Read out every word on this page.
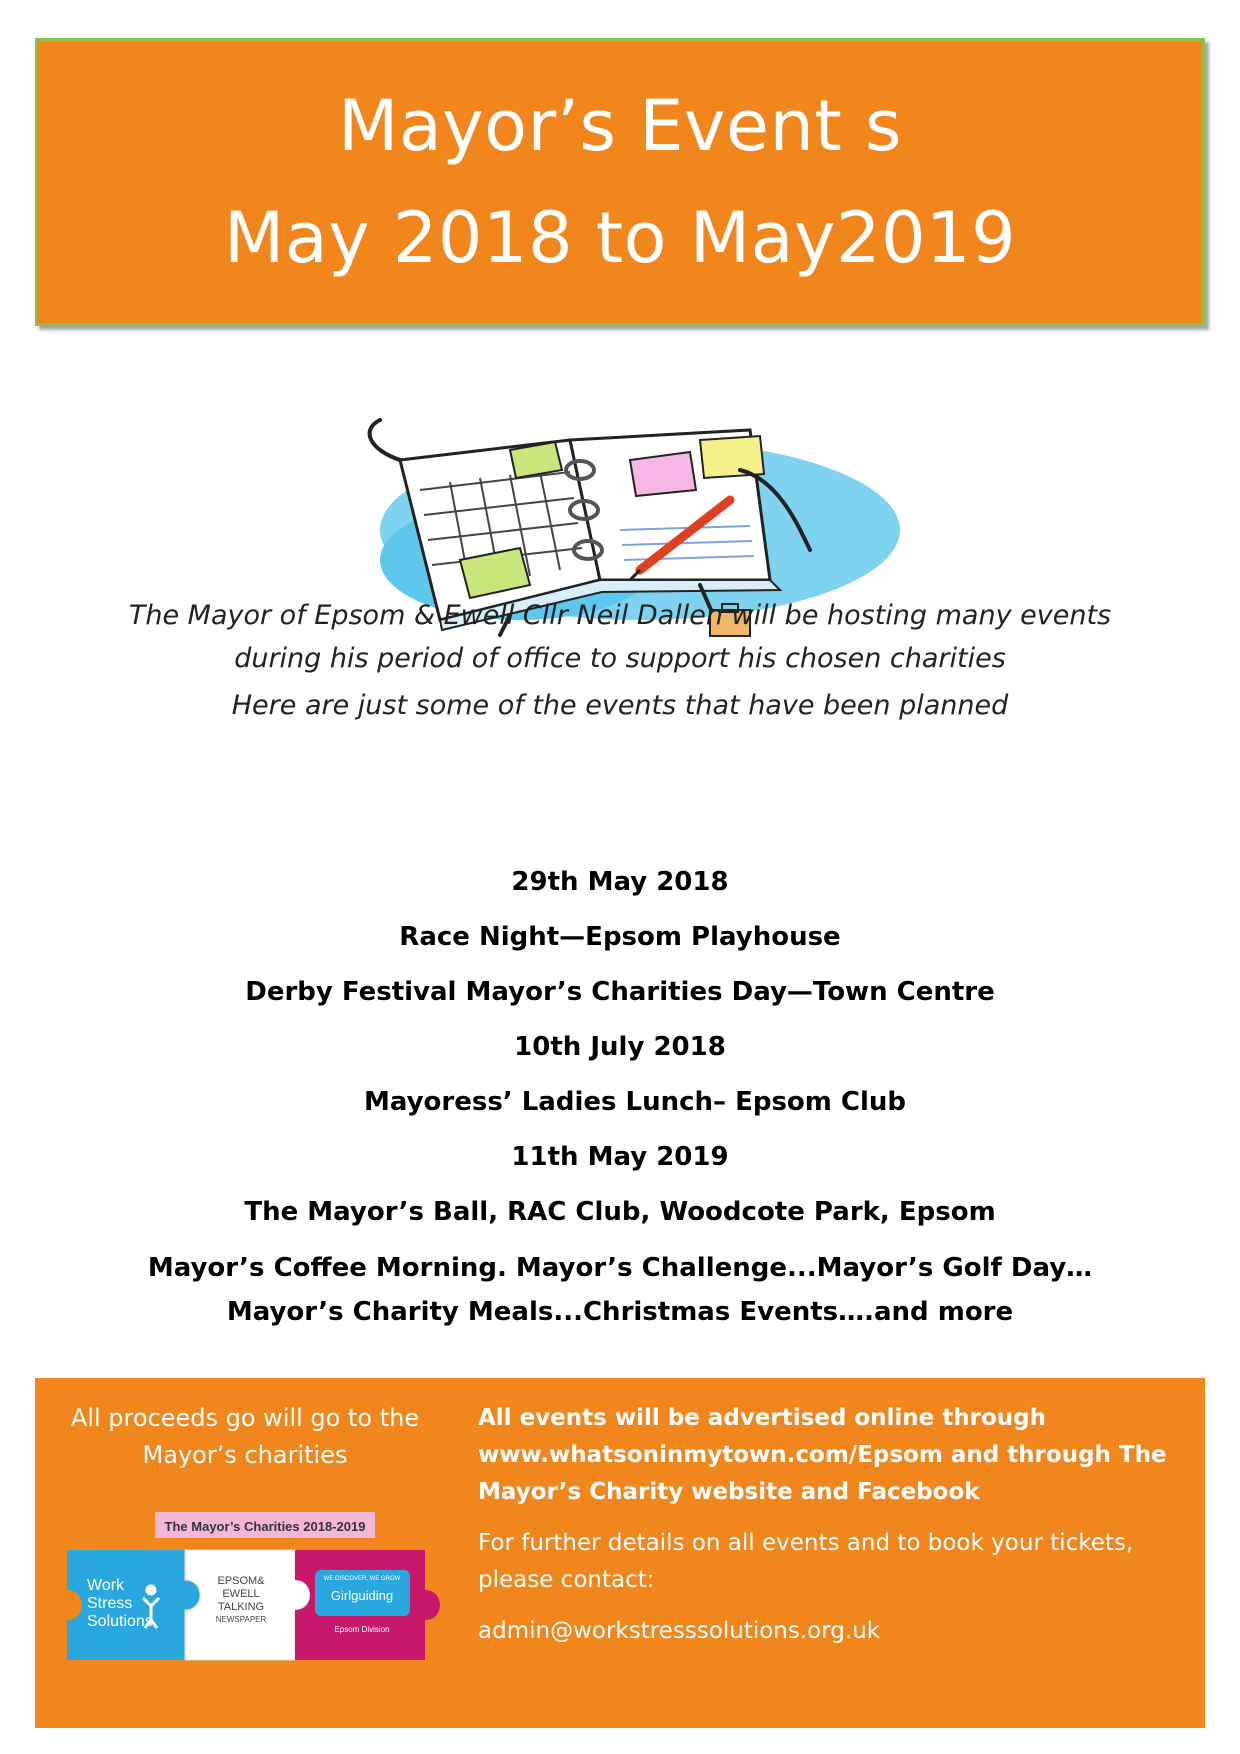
Mayor’s Event s
May 2018 to May2019

The Mayor of Epsom & Ewell Cllr Neil Dallen will be hosting many events

during his period of office to support his chosen charities

Here are just some of the events that have been planned

29th May 2018
Race Night—Epsom Playhouse
Derby Festival Mayor’s Charities Day—Town Centre
10th July 2018
Mayoress’ Ladies Lunch– Epsom Club
11th May 2019
The Mayor’s Ball, RAC Club, Woodcote Park, Epsom
Mayor’s Coffee Morning. Mayor’s Challenge...Mayor’s Golf Day…
Mayor’s Charity Meals...Christmas Events….and more
All proceeds go will go to the
Mayor’s charities
The Mayor’s Charities 2018-2019
Work
Stress
Solutions
EPSOM&
EWELL
TALKING
NEWSPAPER
WE DISCOVER, WE GROW
Girlguiding
Epsom Division
All events will be advertised online through
www.whatsoninmytown.com/Epsom and through The
Mayor’s Charity website and Facebook
For further details on all events and to book your tickets,
please contact:
admin@workstresssolutions.org.uk
